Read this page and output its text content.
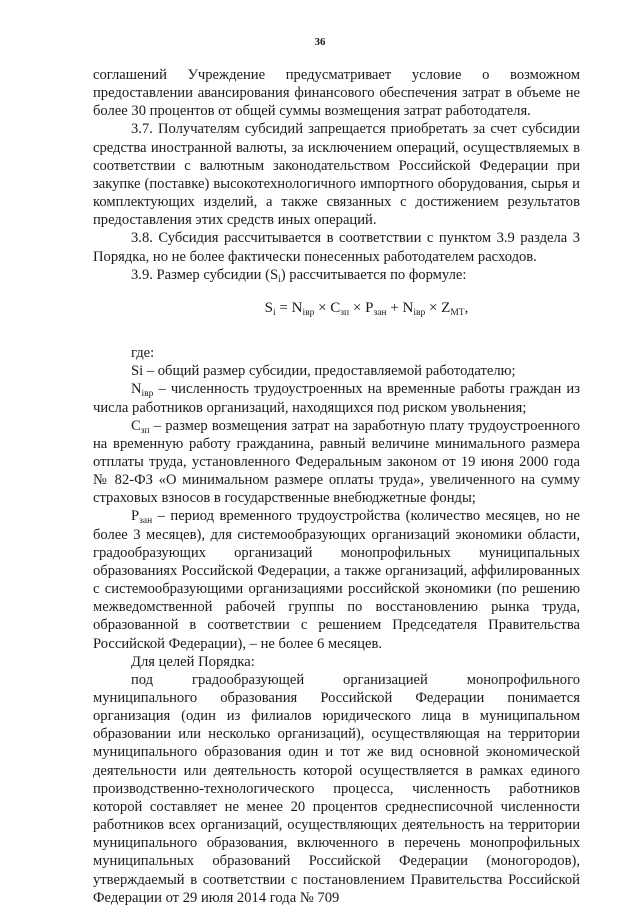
36

соглашений Учреждение предусматривает условие о возможном предоставлении авансирования финансового обеспечения затрат в объеме не более 30 процентов от общей суммы возмещения затрат работодателя.

3.7. Получателям субсидий запрещается приобретать за счет субсидии средства иностранной валюты, за исключением операций, осуществляемых в соответствии с валютным законодательством Российской Федерации при закупке (поставке) высокотехнологичного импортного оборудования, сырья и комплектующих изделий, а также связанных с достижением результатов предоставления этих средств иных операций.

3.8. Субсидия рассчитывается в соответствии с пунктом 3.9 раздела 3 Порядка, но не более фактически понесенных работодателем расходов.

3.9. Размер субсидии $(S_i)$ рассчитывается по формуле:

$S_i = N_{івр} \times С_{зп} \times Р_{зан} + N_{івр} \times Z_{МТ}$,

где:

Si – общий размер субсидии, предоставляемой работодателю;

$N_{івр}$ – численность трудоустроенных на временные работы граждан из числа работников организаций, находящихся под риском увольнения;

$С_{зп}$ – размер возмещения затрат на заработную плату трудоустроенного на временную работу гражданина, равный величине минимального размера отплаты труда, установленного Федеральным законом от 19 июня 2000 года № 82-ФЗ «О минимальном размере оплаты труда», увеличенного на сумму страховых взносов в государственные внебюджетные фонды;

$Р_{зан}$ – период временного трудоустройства (количество месяцев, но не более 3 месяцев), для системообразующих организаций экономики области, градообразующих организаций монопрофильных муниципальных образованиях Российской Федерации, а также организаций, аффилированных с системообразующими организациями российской экономики (по решению межведомственной рабочей группы по восстановлению рынка труда, образованной в соответствии с решением Председателя Правительства Российской Федерации), – не более 6 месяцев.

Для целей Порядка:

под градообразующей организацией монопрофильного муниципального образования Российской Федерации понимается организация (один из филиалов юридического лица в муниципальном образовании или несколько организаций), осуществляющая на территории муниципального образования один и тот же вид основной экономической деятельности или деятельность которой осуществляется в рамках единого производственно-технологического процесса, численность работников которой составляет не менее 20 процентов среднесписочной численности работников всех организаций, осуществляющих деятельность на территории муниципального образования, включенного в перечень монопрофильных муниципальных образований Российской Федерации (моногородов), утверждаемый в соответствии с постановлением Правительства Российской Федерации от 29 июля 2014 года № 709
